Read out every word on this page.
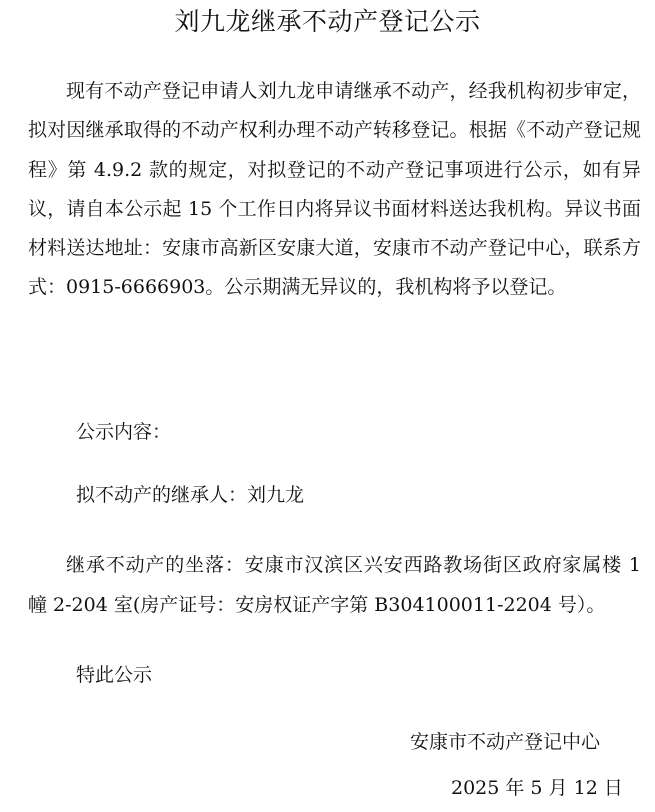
刘九龙继承不动产登记公示

现有不动产登记申请人刘九龙申请继承不动产，经我机构初步审定，拟对因继承取得的不动产权利办理不动产转移登记。根据《不动产登记规程》第 4.9.2 款的规定，对拟登记的不动产登记事项进行公示，如有异议，请自本公示起 15 个工作日内将异议书面材料送达我机构。异议书面材料送达地址：安康市高新区安康大道，安康市不动产登记中心，联系方式：0915-6666903。公示期满无异议的，我机构将予以登记。

公示内容：

拟不动产的继承人：刘九龙

继承不动产的坐落：安康市汉滨区兴安西路教场街区政府家属楼 1 幢 2-204 室(房产证号：安房权证产字第 B304100011-2204 号）。

特此公示

安康市不动产登记中心

2025 年 5 月 12 日
